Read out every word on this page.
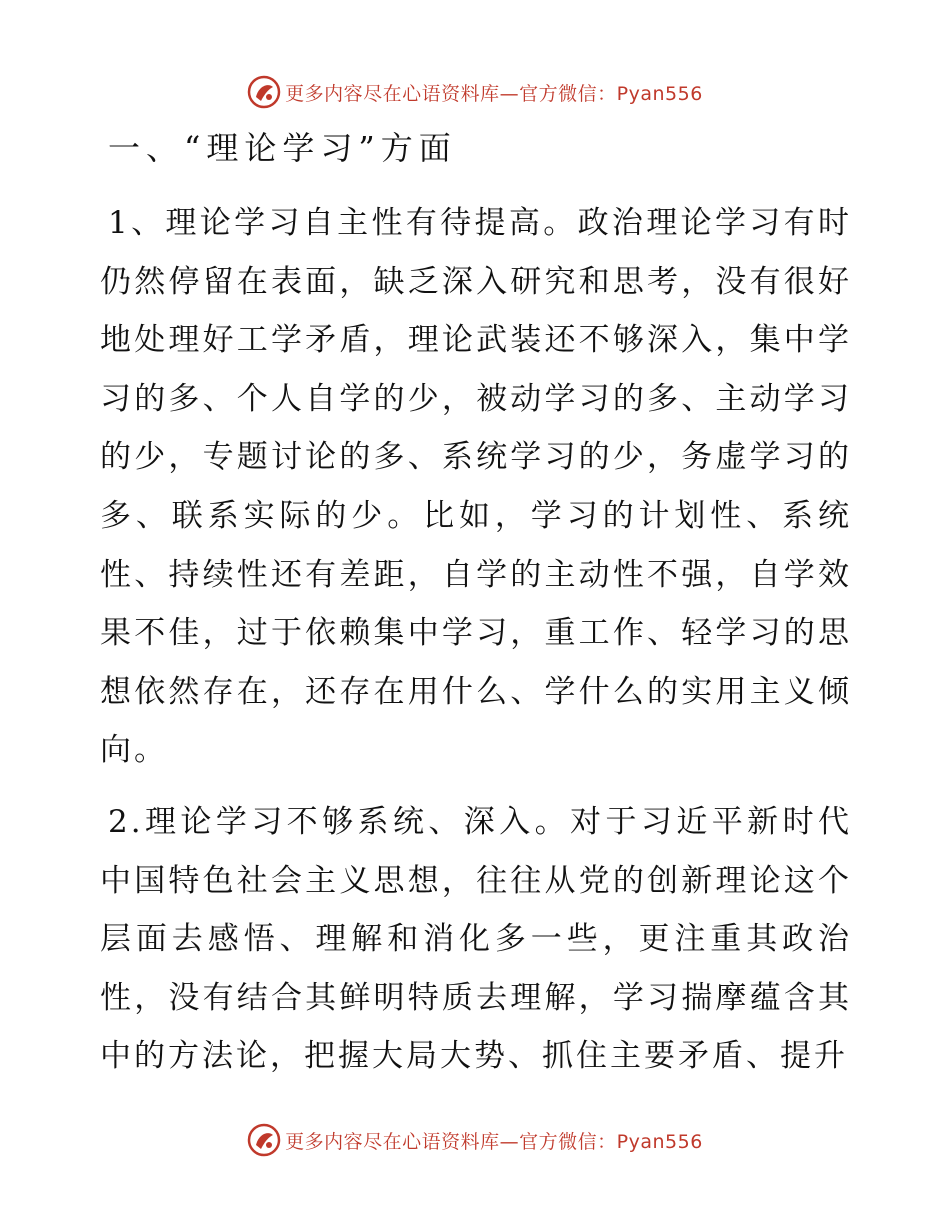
更多内容尽在心语资料库—官方微信：Pyan556
一、“理论学习”方面
1、理论学习自主性有待提高。政治理论学习有时仍然停留在表面，缺乏深入研究和思考，没有很好地处理好工学矛盾，理论武装还不够深入，集中学习的多、个人自学的少，被动学习的多、主动学习的少，专题讨论的多、系统学习的少，务虚学习的多、联系实际的少。比如，学习的计划性、系统性、持续性还有差距，自学的主动性不强，自学效果不佳，过于依赖集中学习，重工作、轻学习的思想依然存在，还存在用什么、学什么的实用主义倾向。
2.理论学习不够系统、深入。对于习近平新时代中国特色社会主义思想，往往从党的创新理论这个层面去感悟、理解和消化多一些，更注重其政治性，没有结合其鲜明特质去理解，学习揣摩蕴含其中的方法论，把握大局大势、抓住主要矛盾、提升
更多内容尽在心语资料库—官方微信：Pyan556
